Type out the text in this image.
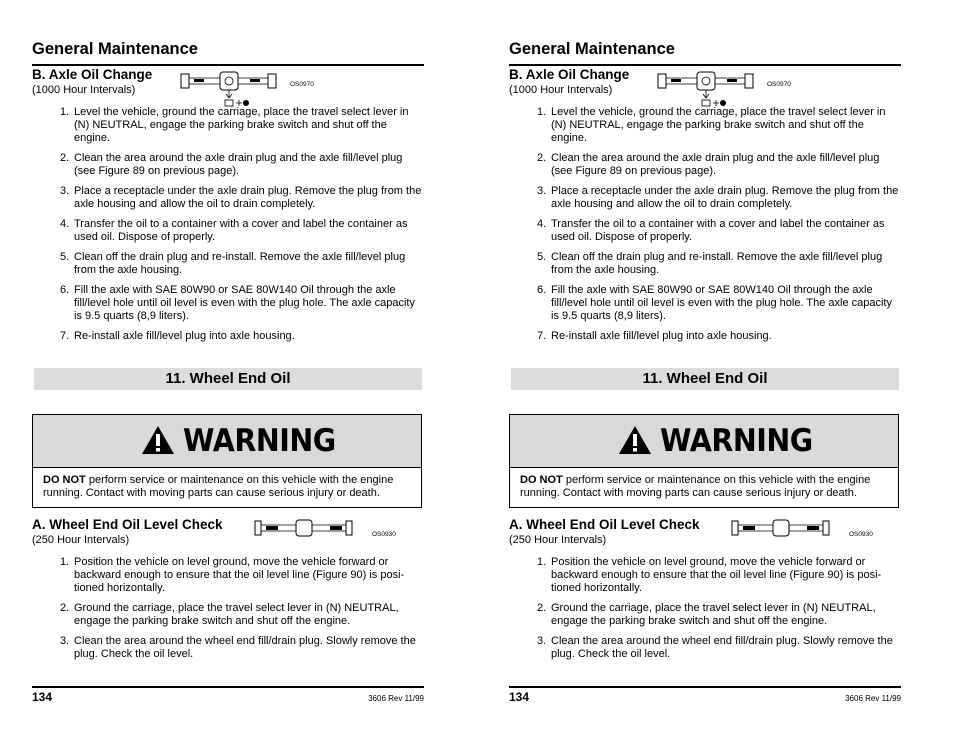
General Maintenance
B. Axle Oil Change
(1000 Hour Intervals)	OS0970
1. Level the vehicle, ground the carriage, place the travel select lever in (N) NEUTRAL, engage the parking brake switch and shut off the engine.
2. Clean the area around the axle drain plug and the axle fill/level plug (see Figure 89 on previous page).
3. Place a receptacle under the axle drain plug. Remove the plug from the axle housing and allow the oil to drain completely.
4. Transfer the oil to a container with a cover and label the container as used oil. Dispose of properly.
5. Clean off the drain plug and re-install. Remove the axle fill/level plug from the axle housing.
6. Fill the axle with SAE 80W90 or SAE 80W140 Oil through the axle fill/level hole until oil level is even with the plug hole. The axle capacity is 9.5 quarts (8,9 liters).
7. Re-install axle fill/level plug into axle housing.
11. Wheel End Oil
WARNING
DO NOT perform service or maintenance on this vehicle with the engine running. Contact with moving parts can cause serious injury or death.
A. Wheel End Oil Level Check
(250 Hour Intervals)	OS0930
1. Position the vehicle on level ground, move the vehicle forward or backward enough to ensure that the oil level line (Figure 90) is posi-tioned horizontally.
2. Ground the carriage, place the travel select lever in (N) NEUTRAL, engage the parking brake switch and shut off the engine.
3. Clean the area around the wheel end fill/drain plug. Slowly remove the plug. Check the oil level.
134	3606 Rev 11/99
General Maintenance
B. Axle Oil Change
(1000 Hour Intervals)	OS0970
1. Level the vehicle, ground the carriage, place the travel select lever in (N) NEUTRAL, engage the parking brake switch and shut off the engine.
2. Clean the area around the axle drain plug and the axle fill/level plug (see Figure 89 on previous page).
3. Place a receptacle under the axle drain plug. Remove the plug from the axle housing and allow the oil to drain completely.
4. Transfer the oil to a container with a cover and label the container as used oil. Dispose of properly.
5. Clean off the drain plug and re-install. Remove the axle fill/level plug from the axle housing.
6. Fill the axle with SAE 80W90 or SAE 80W140 Oil through the axle fill/level hole until oil level is even with the plug hole. The axle capacity is 9.5 quarts (8,9 liters).
7. Re-install axle fill/level plug into axle housing.
11. Wheel End Oil
WARNING
DO NOT perform service or maintenance on this vehicle with the engine running. Contact with moving parts can cause serious injury or death.
A. Wheel End Oil Level Check
(250 Hour Intervals)	OS0930
1. Position the vehicle on level ground, move the vehicle forward or backward enough to ensure that the oil level line (Figure 90) is posi-tioned horizontally.
2. Ground the carriage, place the travel select lever in (N) NEUTRAL, engage the parking brake switch and shut off the engine.
3. Clean the area around the wheel end fill/drain plug. Slowly remove the plug. Check the oil level.
134	3606 Rev 11/99
